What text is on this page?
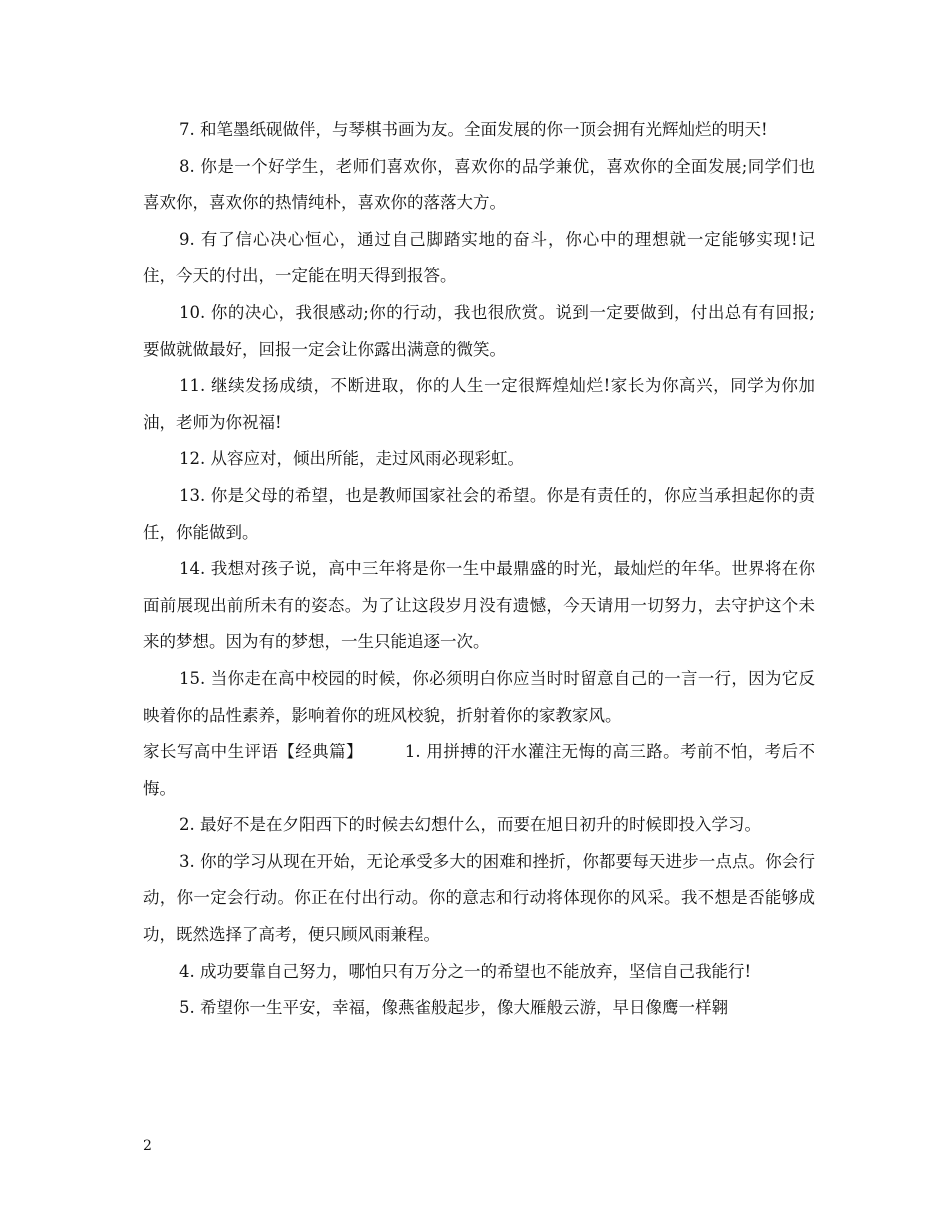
7. 和笔墨纸砚做伴，与琴棋书画为友。全面发展的你一顶会拥有光辉灿烂的明天!

8. 你是一个好学生，老师们喜欢你，喜欢你的品学兼优，喜欢你的全面发展;同学们也喜欢你，喜欢你的热情纯朴，喜欢你的落落大方。

9. 有了信心决心恒心，通过自己脚踏实地的奋斗，你心中的理想就一定能够实现!记住，今天的付出，一定能在明天得到报答。

10. 你的决心，我很感动;你的行动，我也很欣赏。说到一定要做到，付出总有有回报;要做就做最好，回报一定会让你露出满意的微笑。

11. 继续发扬成绩，不断进取，你的人生一定很辉煌灿烂!家长为你高兴，同学为你加油，老师为你祝福!

12. 从容应对，倾出所能，走过风雨必现彩虹。

13. 你是父母的希望，也是教师国家社会的希望。你是有责任的，你应当承担起你的责任，你能做到。

14. 我想对孩子说，高中三年将是你一生中最鼎盛的时光，最灿烂的年华。世界将在你面前展现出前所未有的姿态。为了让这段岁月没有遗憾，今天请用一切努力，去守护这个未来的梦想。因为有的梦想，一生只能追逐一次。

15. 当你走在高中校园的时候，你必须明白你应当时时留意自己的一言一行，因为它反映着你的品性素养，影响着你的班风校貌，折射着你的家教家风。

家长写高中生评语【经典篇】	1. 用拼搏的汗水灌注无悔的高三路。考前不怕，考后不悔。

2. 最好不是在夕阳西下的时候去幻想什么，而要在旭日初升的时候即投入学习。

3. 你的学习从现在开始，无论承受多大的困难和挫折，你都要每天进步一点点。你会行动，你一定会行动。你正在付出行动。你的意志和行动将体现你的风采。我不想是否能够成功，既然选择了高考，便只顾风雨兼程。

4. 成功要靠自己努力，哪怕只有万分之一的希望也不能放弃，坚信自己我能行!

5. 希望你一生平安，幸福，像燕雀般起步，像大雁般云游，早日像鹰一样翱

2
